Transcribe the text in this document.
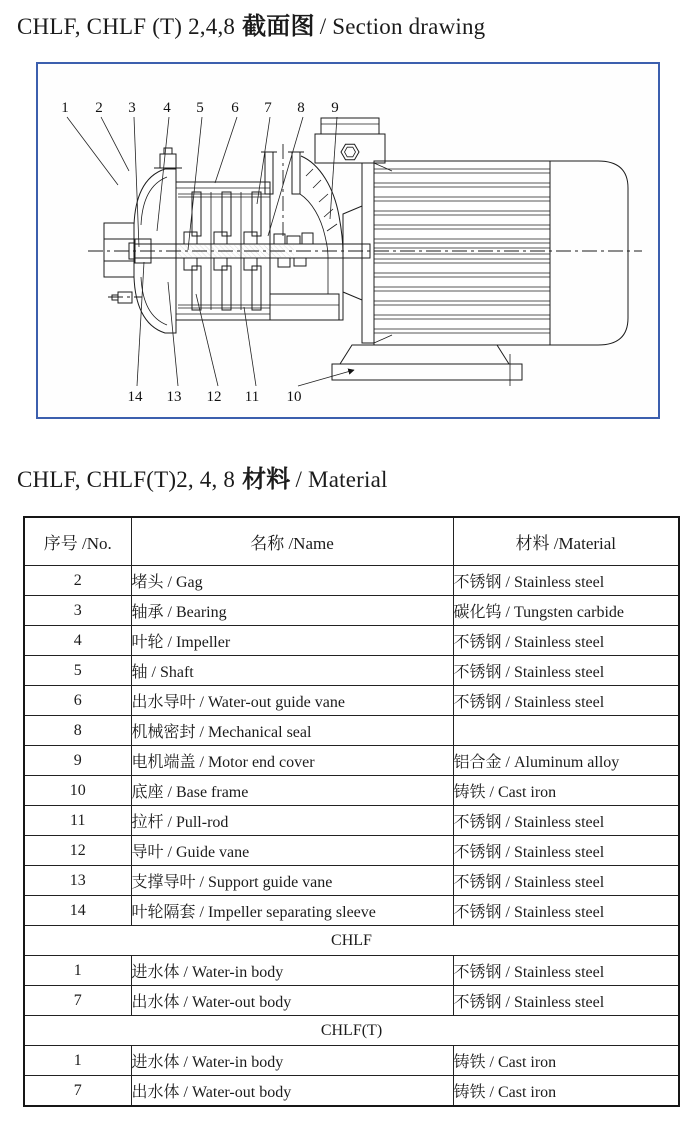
CHLF, CHLF (T) 2,4,8 截面图 / Section drawing
1 2 3 4 5 6 7 8 9
14 13 12 11 10
CHLF, CHLF(T)2, 4, 8 材料 / Material
序号 /No.	名称 /Name	材料 /Material
2	堵头 / Gag	不锈钢 / Stainless steel
3	轴承 / Bearing	碳化钨 / Tungsten carbide
4	叶轮 / Impeller	不锈钢 / Stainless steel
5	轴 / Shaft	不锈钢 / Stainless steel
6	出水导叶 / Water-out guide vane	不锈钢 / Stainless steel
8	机械密封 / Mechanical seal	
9	电机端盖 / Motor end cover	铝合金 / Aluminum alloy
10	底座 / Base frame	铸铁 / Cast iron
11	拉杆 / Pull-rod	不锈钢 / Stainless steel
12	导叶 / Guide vane	不锈钢 / Stainless steel
13	支撑导叶 / Support guide vane	不锈钢 / Stainless steel
14	叶轮隔套 / Impeller separating sleeve	不锈钢 / Stainless steel
CHLF		
1	进水体 / Water-in body	不锈钢 / Stainless steel
7	出水体 / Water-out body	不锈钢 / Stainless steel
CHLF(T)		
1	进水体 / Water-in body	铸铁 / Cast iron
7	出水体 / Water-out body	铸铁 / Cast iron
